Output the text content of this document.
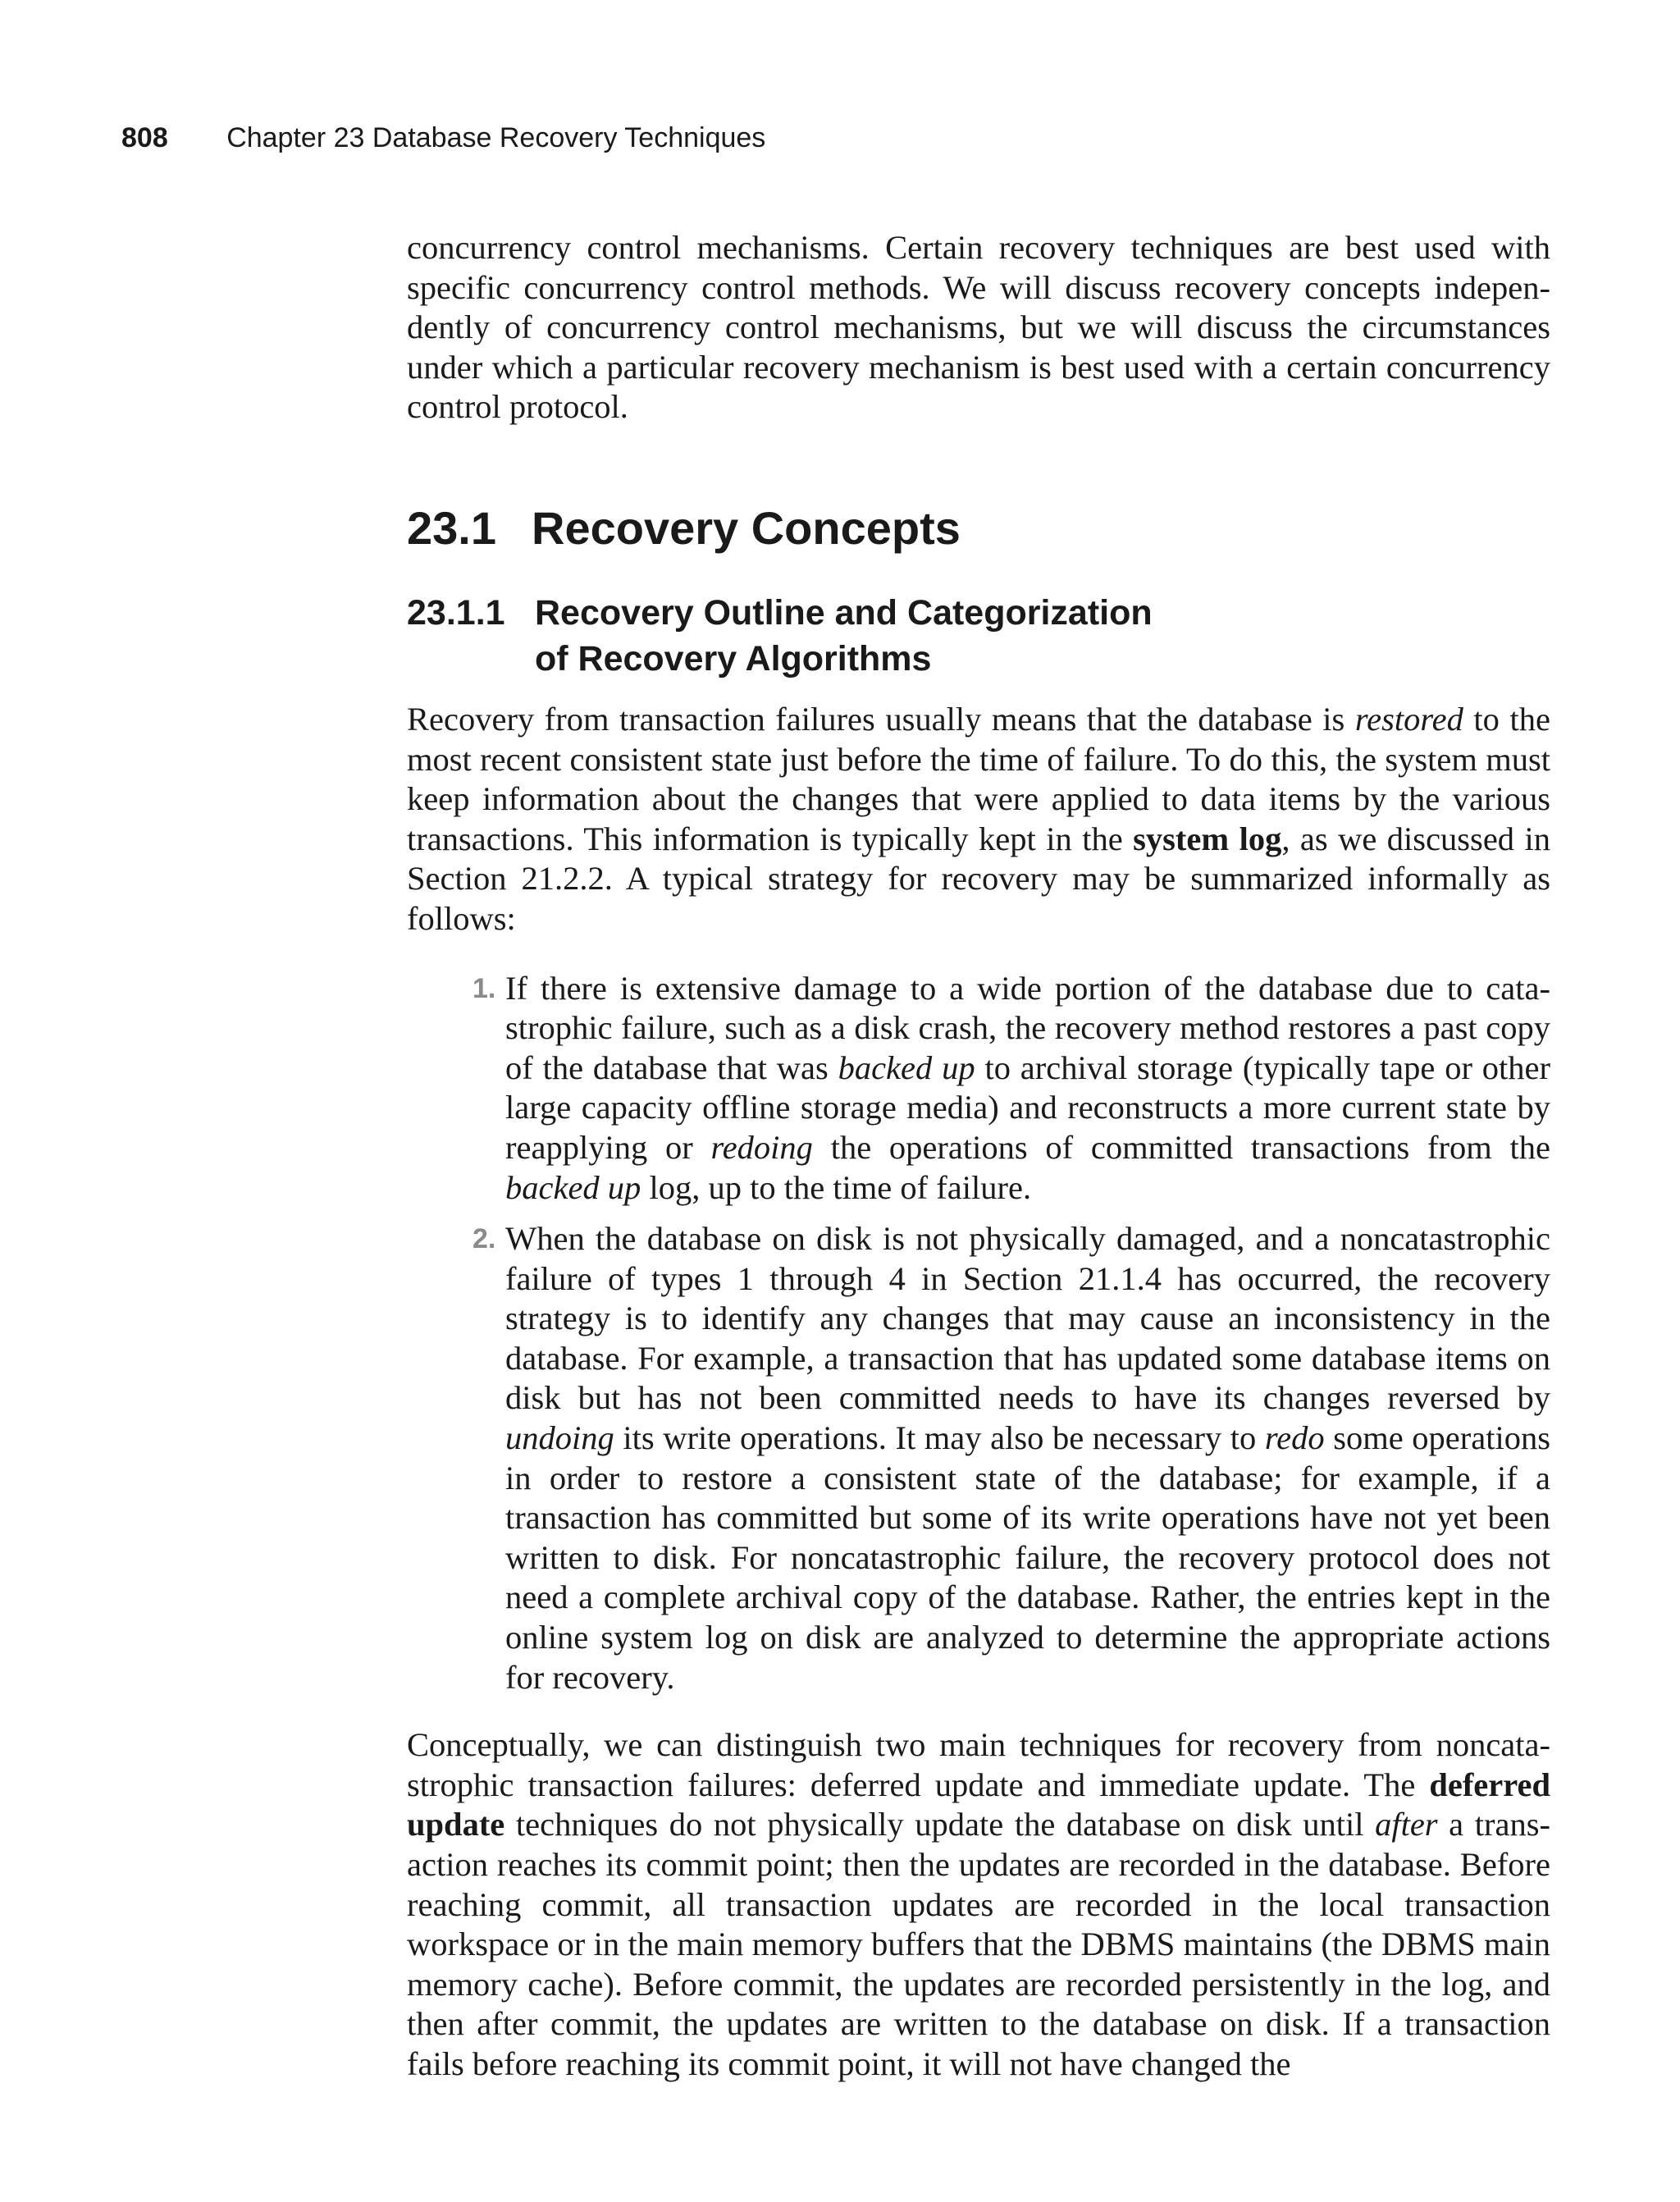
808 Chapter 23 Database Recovery Techniques

concurrency control mechanisms. Certain recovery techniques are best used with specific concurrency control methods. We will discuss recovery concepts independently of concurrency control mechanisms, but we will discuss the circumstances under which a particular recovery mechanism is best used with a certain concurrency control protocol.

23.1 Recovery Concepts
23.1.1 Recovery Outline and Categorization
of Recovery Algorithms

Recovery from transaction failures usually means that the database is restored to the most recent consistent state just before the time of failure. To do this, the system must keep information about the changes that were applied to data items by the various transactions. This information is typically kept in the system log, as we discussed in Section 21.2.2. A typical strategy for recovery may be summarized informally as follows:

1. If there is extensive damage to a wide portion of the database due to catastrophic failure, such as a disk crash, the recovery method restores a past copy of the database that was backed up to archival storage (typically tape or other large capacity offline storage media) and reconstructs a more current state by reapplying or redoing the operations of committed transactions from the backed up log, up to the time of failure.
2. When the database on disk is not physically damaged, and a noncatastrophic failure of types 1 through 4 in Section 21.1.4 has occurred, the recovery strategy is to identify any changes that may cause an inconsistency in the database. For example, a transaction that has updated some database items on disk but has not been committed needs to have its changes reversed by undoing its write operations. It may also be necessary to redo some operations in order to restore a consistent state of the database; for example, if a transaction has committed but some of its write operations have not yet been written to disk. For noncatastrophic failure, the recovery protocol does not need a complete archival copy of the database. Rather, the entries kept in the online system log on disk are analyzed to determine the appropriate actions for recovery.

Conceptually, we can distinguish two main techniques for recovery from noncatastrophic transaction failures: deferred update and immediate update. The deferred update techniques do not physically update the database on disk until after a transaction reaches its commit point; then the updates are recorded in the database. Before reaching commit, all transaction updates are recorded in the local transaction workspace or in the main memory buffers that the DBMS maintains (the DBMS main memory cache). Before commit, the updates are recorded persistently in the log, and then after commit, the updates are written to the database on disk. If a transaction fails before reaching its commit point, it will not have changed the
